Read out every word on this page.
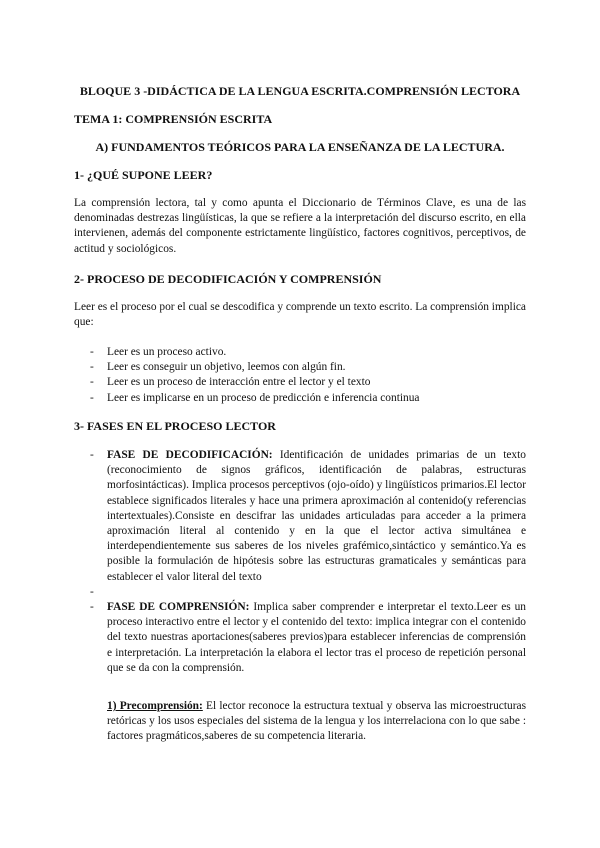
BLOQUE 3 -DIDÁCTICA DE LA LENGUA ESCRITA.COMPRENSIÓN LECTORA

TEMA 1: COMPRENSIÓN ESCRITA

A) FUNDAMENTOS TEÓRICOS PARA LA ENSEÑANZA DE LA LECTURA.

1- ¿QUÉ SUPONE LEER?

La comprensión lectora, tal y como apunta el Diccionario de Términos Clave, es una de las denominadas destrezas lingüísticas, la que se refiere a la interpretación del discurso escrito, en ella intervienen, además del componente estrictamente lingüístico, factores cognitivos, perceptivos, de actitud y sociológicos.

2- PROCESO DE DECODIFICACIÓN Y COMPRENSIÓN

Leer es el proceso por el cual se descodifica y comprende un texto escrito. La comprensión implica que:

- Leer es un proceso activo.
- Leer es conseguir un objetivo, leemos con algún fin.
- Leer es un proceso de interacción entre el lector y el texto
- Leer es implicarse en un proceso de predicción e inferencia continua

3- FASES EN EL PROCESO LECTOR

- FASE DE DECODIFICACIÓN: Identificación de unidades primarias de un texto (reconocimiento de signos gráficos, identificación de palabras, estructuras morfosintácticas). Implica procesos perceptivos (ojo-oído) y lingüísticos primarios.El lector establece significados literales y hace una primera aproximación al contenido(y referencias intertextuales).Consiste en descifrar las unidades articuladas para acceder a la primera aproximación literal al contenido y en la que el lector activa simultánea e interdependientemente sus saberes de los niveles grafémico,sintáctico y semántico.Ya es posible la formulación de hipótesis sobre las estructuras gramaticales y semánticas para establecer el valor literal del texto
-
- FASE DE COMPRENSIÓN: Implica saber comprender e interpretar el texto.Leer es un proceso interactivo entre el lector y el contenido del texto: implica integrar con el contenido del texto nuestras aportaciones(saberes previos)para establecer inferencias de comprensión e interpretación. La interpretación la elabora el lector tras el proceso de repetición personal que se da con la comprensión.

1) Precomprensión: El lector reconoce la estructura textual y observa las microestructuras retóricas y los usos especiales del sistema de la lengua y los interrelaciona con lo que sabe : factores pragmáticos,saberes de su competencia literaria.
